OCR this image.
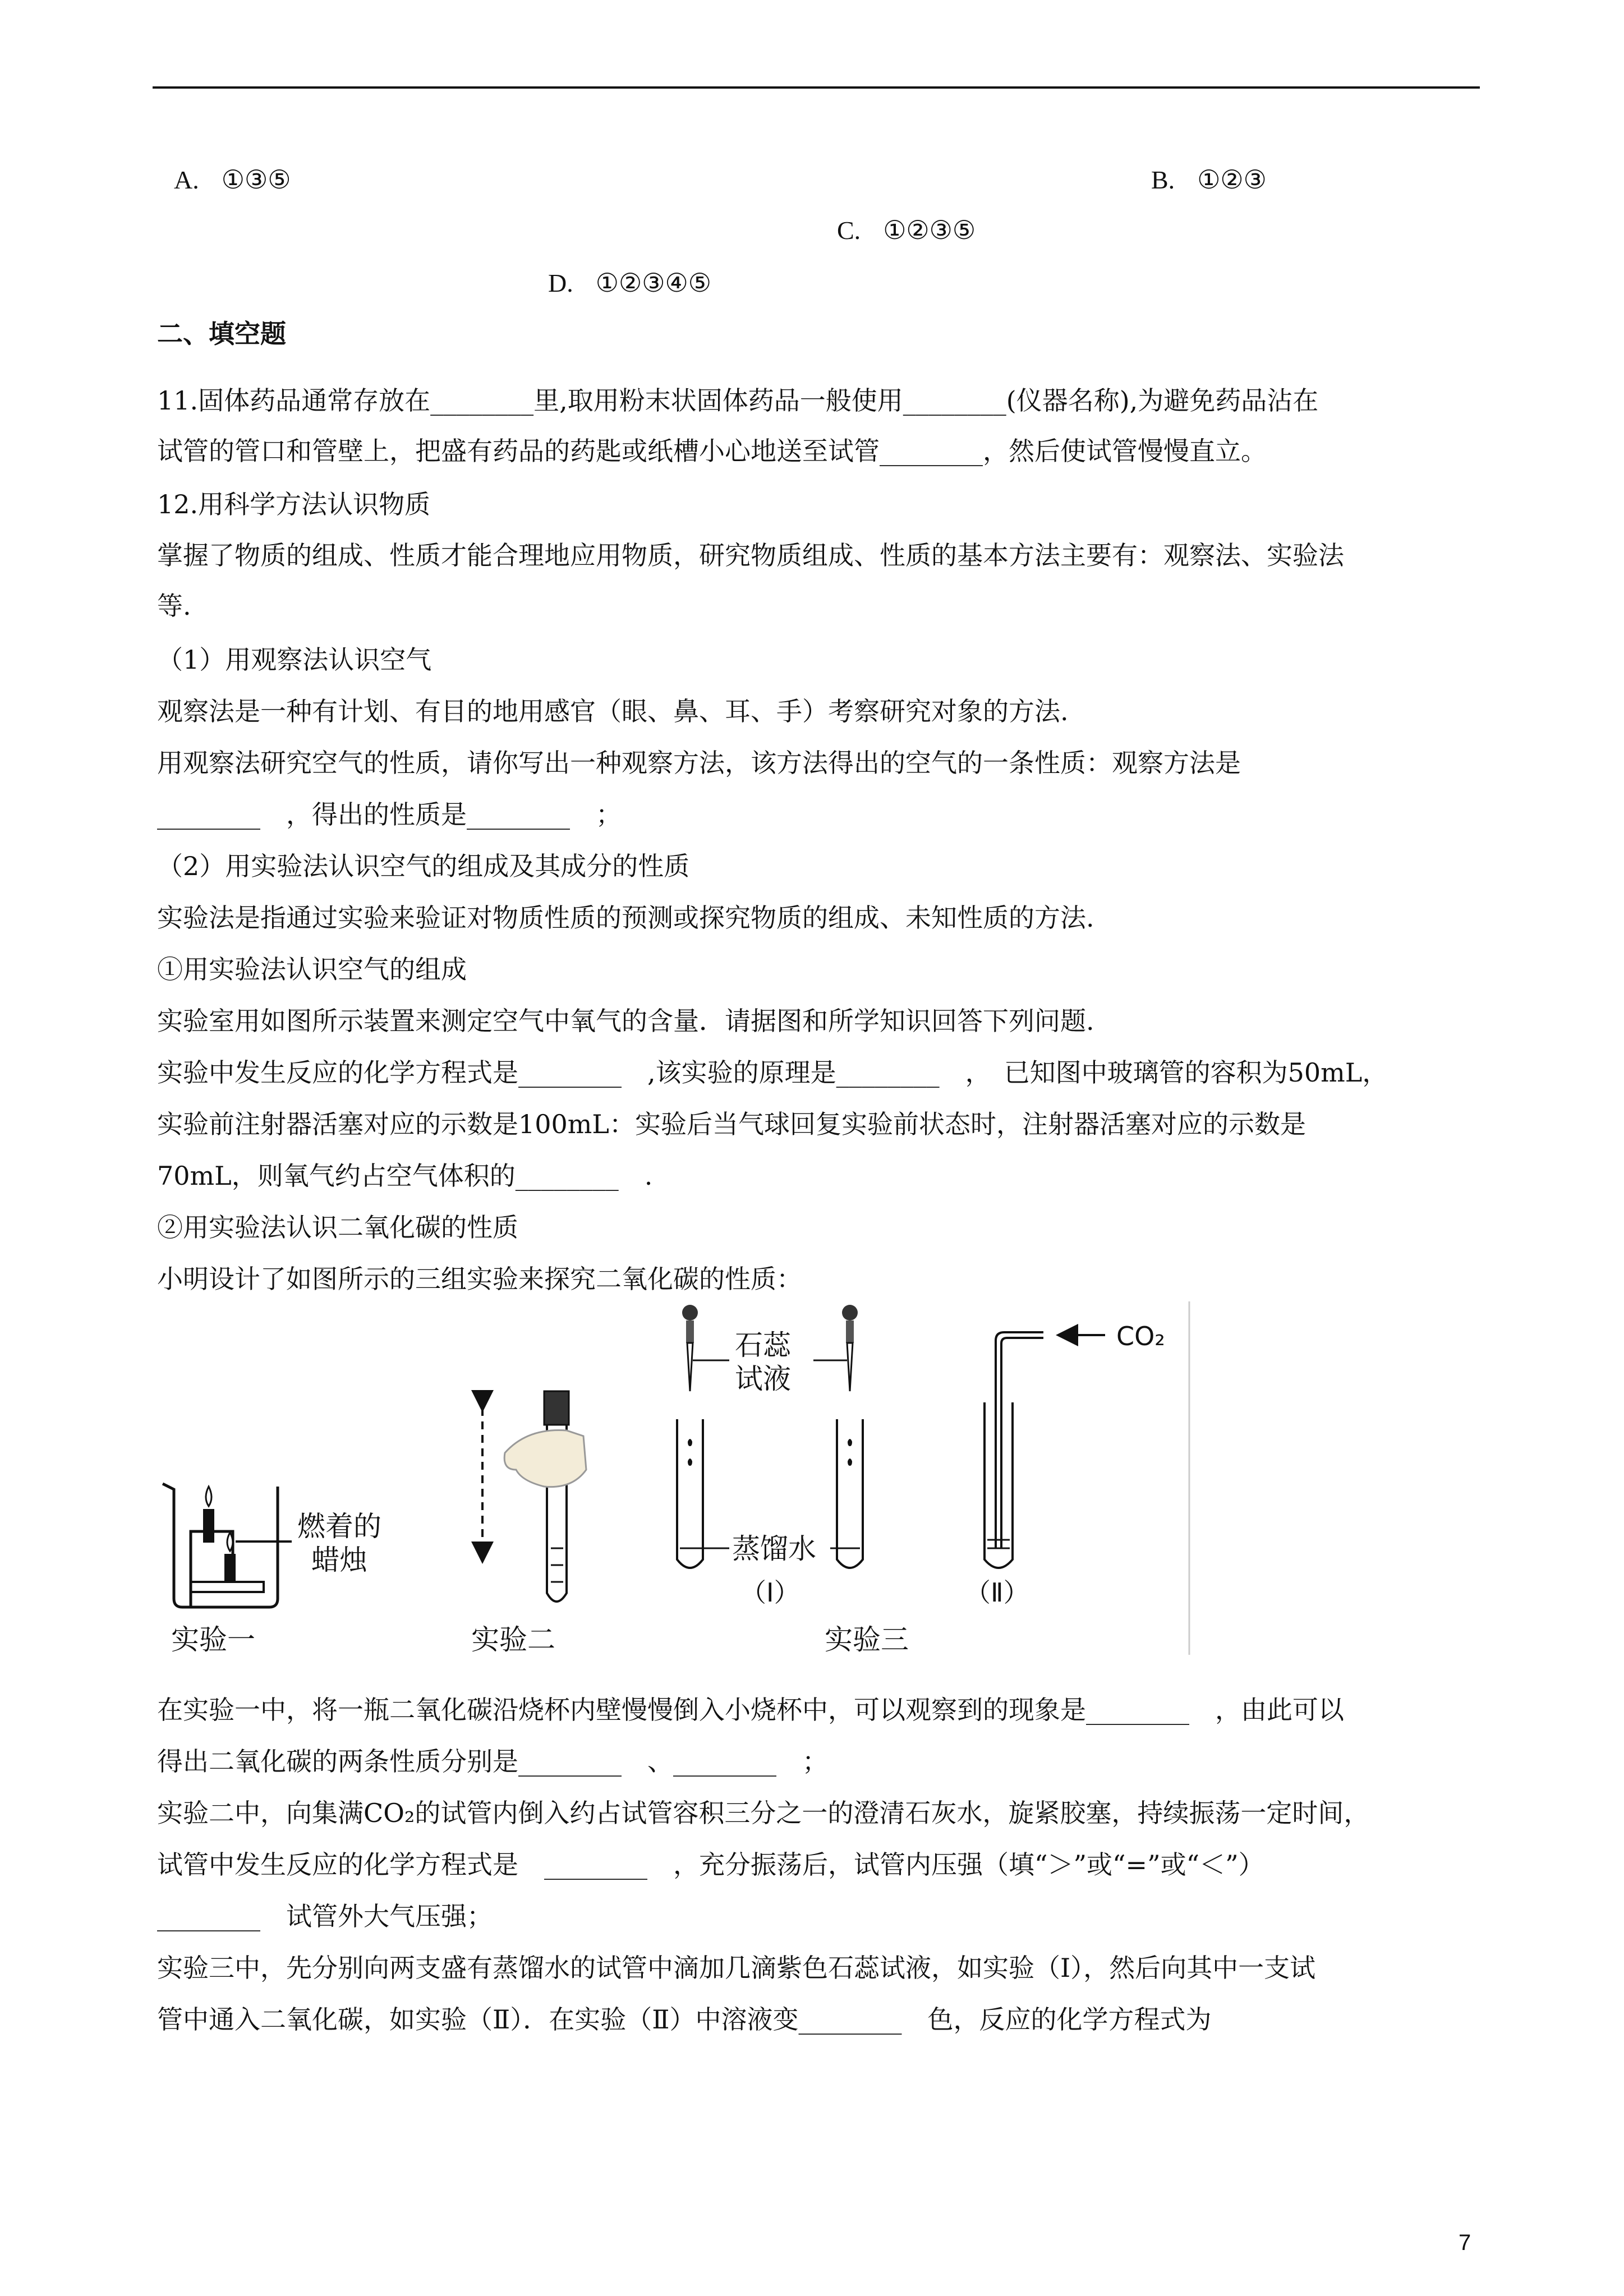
A. ①③⑤	B. ①②③
C. ①②③⑤
D. ①②③④⑤
二、填空题
11.固体药品通常存放在________里,取用粉末状固体药品一般使用________(仪器名称),为避免药品沾在
试管的管口和管壁上，把盛有药品的药匙或纸槽小心地送至试管________，然后使试管慢慢直立。
12.用科学方法认识物质
掌握了物质的组成、性质才能合理地应用物质，研究物质组成、性质的基本方法主要有：观察法、实验法
等.
（1）用观察法认识空气
观察法是一种有计划、有目的地用感官（眼、鼻、耳、手）考察研究对象的方法.
用观察法研究空气的性质，请你写出一种观察方法，该方法得出的空气的一条性质：观察方法是
________　，得出的性质是________　；
（2）用实验法认识空气的组成及其成分的性质
实验法是指通过实验来验证对物质性质的预测或探究物质的组成、未知性质的方法.
①用实验法认识空气的组成
实验室用如图所示装置来测定空气中氧气的含量．请据图和所学知识回答下列问题.
实验中发生反应的化学方程式是________　,该实验的原理是________　，　已知图中玻璃管的容积为50mL，
实验前注射器活塞对应的示数是100mL：实验后当气球回复实验前状态时，注射器活塞对应的示数是
70mL，则氧气约占空气体积的________　.
②用实验法认识二氧化碳的性质
小明设计了如图所示的三组实验来探究二氧化碳的性质：
燃着的
蜡烛
实验一	实验二
石蕊
试液
蒸馏水
（Ⅰ）
实验三
CO₂
（Ⅱ）
在实验一中，将一瓶二氧化碳沿烧杯内壁慢慢倒入小烧杯中，可以观察到的现象是________　，由此可以
得出二氧化碳的两条性质分别是________　、________　；
实验二中，向集满CO₂的试管内倒入约占试管容积三分之一的澄清石灰水，旋紧胶塞，持续振荡一定时间，
试管中发生反应的化学方程式是　________　，充分振荡后，试管内压强（填“＞”或“=”或“＜”）
________　试管外大气压强；
实验三中，先分别向两支盛有蒸馏水的试管中滴加几滴紫色石蕊试液，如实验（Ⅰ），然后向其中一支试
管中通入二氧化碳，如实验（Ⅱ）．在实验（Ⅱ）中溶液变________　色，反应的化学方程式为
7
